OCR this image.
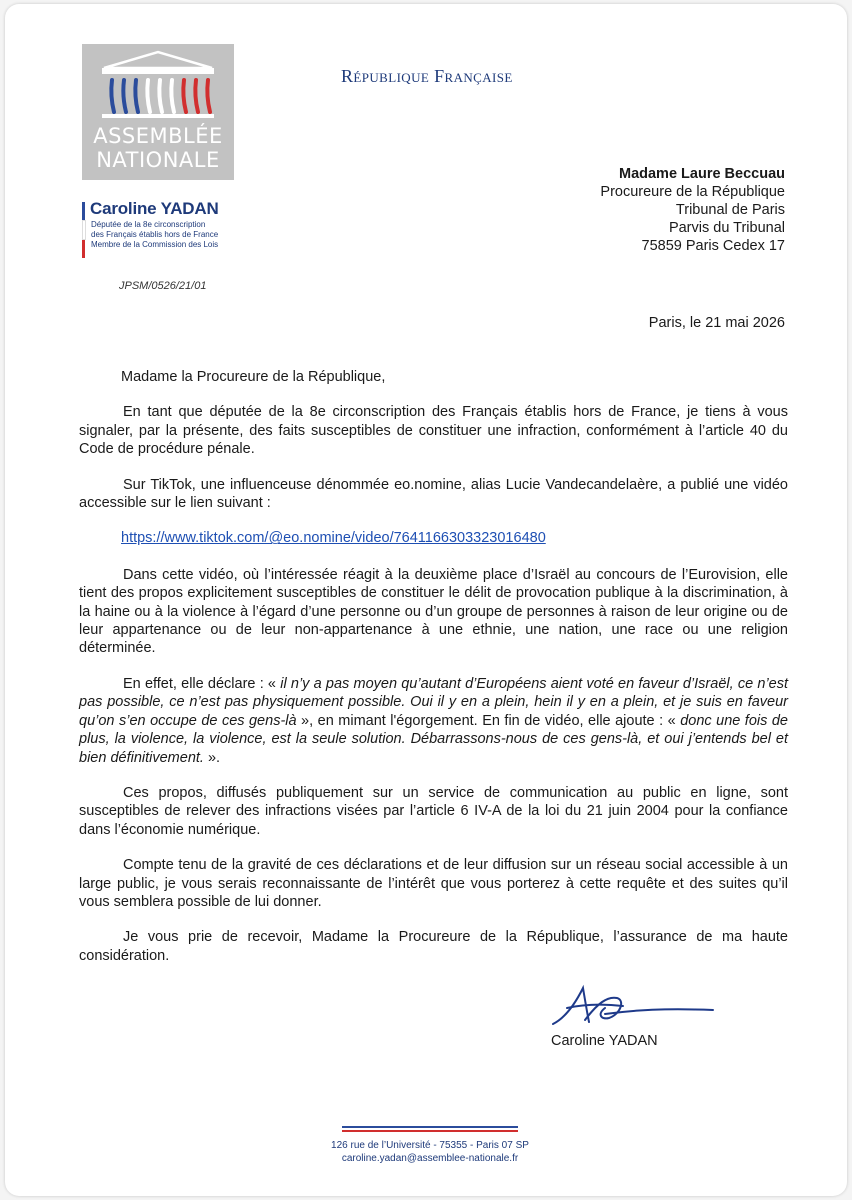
ASSEMBLÉE
NATIONALE
Caroline YADAN
Députée de la 8e circonscription
des Français établis hors de France
Membre de la Commission des Lois
JPSM/0526/21/01
République Française
Madame Laure Beccuau
Procureure de la République
Tribunal de Paris
Parvis du Tribunal
75859 Paris Cedex 17
Paris, le 21 mai 2026

Madame la Procureure de la République,

En tant que députée de la 8e circonscription des Français établis hors de France, je tiens à vous signaler, par la présente, des faits susceptibles de constituer une infraction, conformément à l’article 40 du Code de procédure pénale.

Sur TikTok, une influenceuse dénommée eo.nomine, alias Lucie Vandecandelaère, a publié une vidéo accessible sur le lien suivant :

https://www.tiktok.com/@eo.nomine/video/7641166303323016480

Dans cette vidéo, où l’intéressée réagit à la deuxième place d’Israël au concours de l’Eurovision, elle tient des propos explicitement susceptibles de constituer le délit de provocation publique à la discrimination, à la haine ou à la violence à l’égard d’une personne ou d’un groupe de personnes à raison de leur origine ou de leur appartenance ou de leur non-appartenance à une ethnie, une nation, une race ou une religion déterminée.

En effet, elle déclare : « il n’y a pas moyen qu’autant d’Européens aient voté en faveur d’Israël, ce n’est pas possible, ce n’est pas physiquement possible. Oui il y en a plein, hein il y en a plein, et je suis en faveur qu’on s’en occupe de ces gens-là », en mimant l'égorgement. En fin de vidéo, elle ajoute : « donc une fois de plus, la violence, la violence, est la seule solution. Débarrassons-nous de ces gens-là, et oui j’entends bel et bien définitivement. ».

Ces propos, diffusés publiquement sur un service de communication au public en ligne, sont susceptibles de relever des infractions visées par l’article 6 IV-A de la loi du 21 juin 2004 pour la confiance dans l’économie numérique.

Compte tenu de la gravité de ces déclarations et de leur diffusion sur un réseau social accessible à un large public, je vous serais reconnaissante de l’intérêt que vous porterez à cette requête et des suites qu’il vous semblera possible de lui donner.

Je vous prie de recevoir, Madame la Procureure de la République, l’assurance de ma haute considération.

Caroline YADAN
126 rue de l’Université - 75355 - Paris 07 SP
caroline.yadan@assemblee-nationale.fr
